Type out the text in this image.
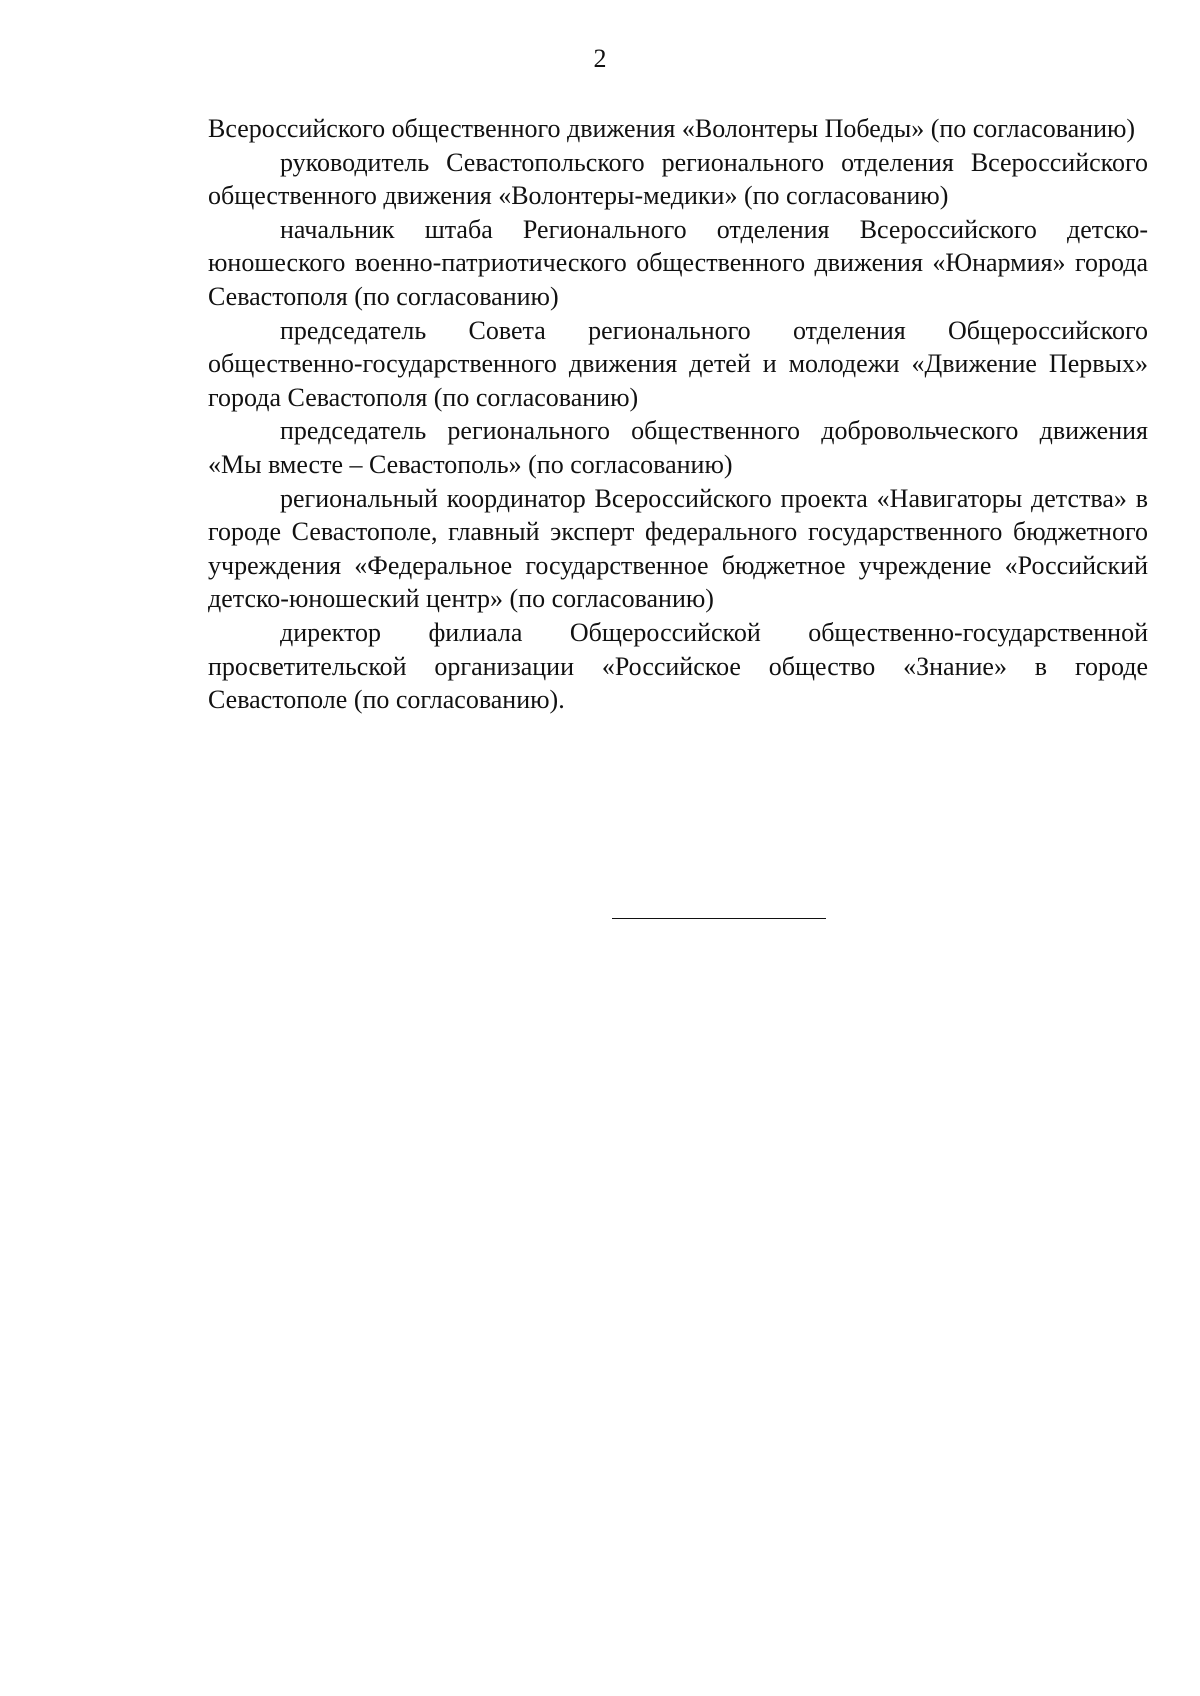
2

Всероссийского общественного движения «Волонтеры Победы» (по согласованию)

руководитель Севастопольского регионального отделения Всероссийского общественного движения «Волонтеры-медики» (по согласованию)

начальник штаба Регионального отделения Всероссийского детско-юношеского военно-патриотического общественного движения «Юнармия» города Севастополя (по согласованию)

председатель Совета регионального отделения Общероссийского общественно-государственного движения детей и молодежи «Движение Первых» города Севастополя (по согласованию)

председатель регионального общественного добровольческого движения «Мы вместе – Севастополь» (по согласованию)

региональный координатор Всероссийского проекта «Навигаторы детства» в городе Севастополе, главный эксперт федерального государственного бюджетного учреждения «Федеральное государственное бюджетное учреждение «Российский детско-юношеский центр» (по согласованию)

директор филиала Общероссийской общественно-государственной просветительской организации «Российское общество «Знание» в городе Севастополе (по согласованию).
